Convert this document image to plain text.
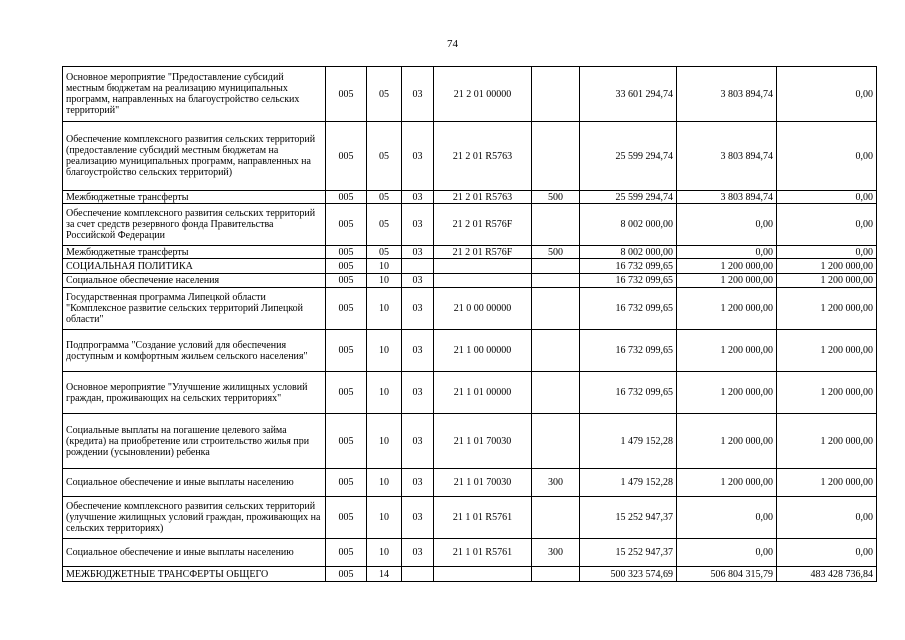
74
Основное мероприятие "Предоставление субсидий местным бюджетам на реализацию муниципальных программ, направленных на благоустройство сельских территорий"	005	05	03	21 2 01 00000		33 601 294,74	3 803 894,74	0,00
Обеспечение комплексного развития сельских территорий (предоставление субсидий местным бюджетам на реализацию муниципальных программ, направленных на благоустройство сельских территорий)	005	05	03	21 2 01 R5763		25 599 294,74	3 803 894,74	0,00
Межбюджетные трансферты	005	05	03	21 2 01 R5763	500	25 599 294,74	3 803 894,74	0,00
Обеспечение комплексного развития сельских территорий за счет средств резервного фонда Правительства Российской Федерации	005	05	03	21 2 01 R576F		8 002 000,00	0,00	0,00
Межбюджетные трансферты	005	05	03	21 2 01 R576F	500	8 002 000,00	0,00	0,00
СОЦИАЛЬНАЯ ПОЛИТИКА	005	10				16 732 099,65	1 200 000,00	1 200 000,00
Социальное обеспечение населения	005	10	03			16 732 099,65	1 200 000,00	1 200 000,00
Государственная программа Липецкой области "Комплексное развитие сельских территорий Липецкой области"	005	10	03	21 0 00 00000		16 732 099,65	1 200 000,00	1 200 000,00
Подпрограмма "Создание условий для обеспечения доступным и комфортным жильем сельского населения"	005	10	03	21 1 00 00000		16 732 099,65	1 200 000,00	1 200 000,00
Основное мероприятие "Улучшение жилищных условий граждан, проживающих на сельских территориях"	005	10	03	21 1 01 00000		16 732 099,65	1 200 000,00	1 200 000,00
Социальные выплаты на погашение целевого займа (кредита) на приобретение или строительство жилья при рождении (усыновлении) ребенка	005	10	03	21 1 01 70030		1 479 152,28	1 200 000,00	1 200 000,00
Социальное обеспечение и иные выплаты населению	005	10	03	21 1 01 70030	300	1 479 152,28	1 200 000,00	1 200 000,00
Обеспечение комплексного развития сельских территорий (улучшение жилищных условий граждан, проживающих на сельских территориях)	005	10	03	21 1 01 R5761		15 252 947,37	0,00	0,00
Социальное обеспечение и иные выплаты населению	005	10	03	21 1 01 R5761	300	15 252 947,37	0,00	0,00
МЕЖБЮДЖЕТНЫЕ ТРАНСФЕРТЫ ОБЩЕГО	005	14				500 323 574,69	506 804 315,79	483 428 736,84
